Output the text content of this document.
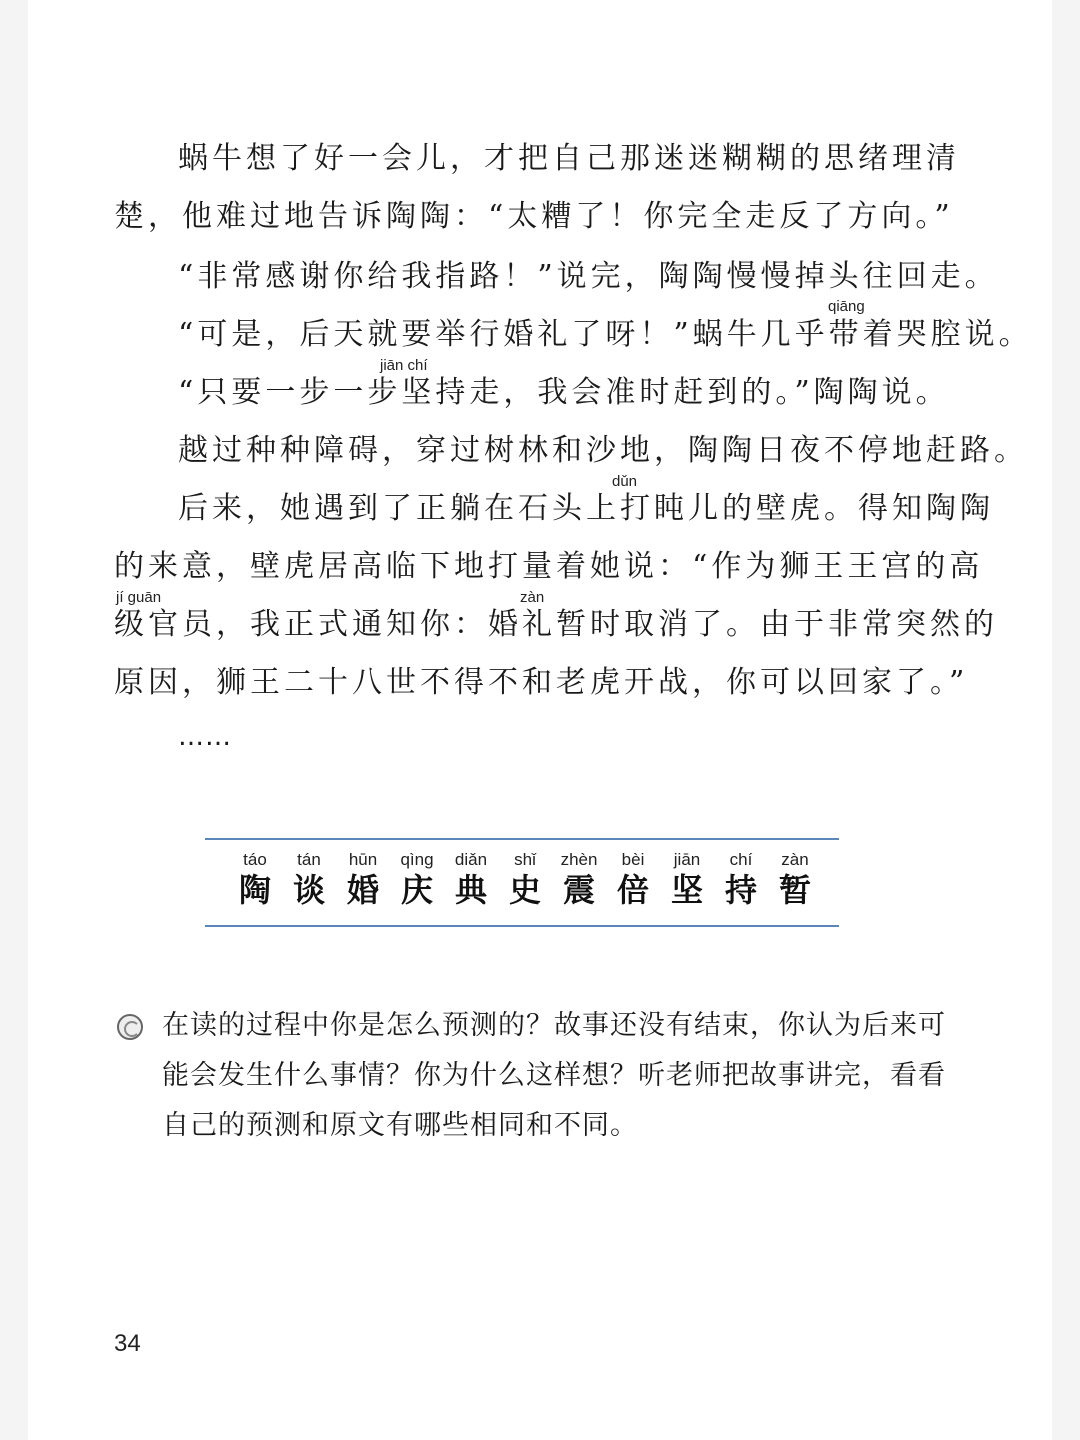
蜗牛想了好一会儿，才把自己那迷迷糊糊的思绪理清
楚，他难过地告诉陶陶：“太糟了！你完全走反了方向。”
“非常感谢你给我指路！”说完，陶陶慢慢掉头往回走。
qiāng
“可是，后天就要举行婚礼了呀！”蜗牛几乎带着哭腔说。
jiān chí
“只要一步一步坚持走，我会准时赶到的。”陶陶说。
越过种种障碍，穿过树林和沙地，陶陶日夜不停地赶路。
dǔn
后来，她遇到了正躺在石头上打盹儿的壁虎。得知陶陶
的来意，壁虎居高临下地打量着她说：“作为狮王王宫的高
jí guān	zàn
级官员，我正式通知你：婚礼暂时取消了。由于非常突然的
原因，狮王二十八世不得不和老虎开战，你可以回家了。”
……
táo
陶
tán
谈
hūn
婚
qìng
庆
diǎn
典
shǐ
史
zhèn
震
bèi
倍
jiān
坚
chí
持
zàn
暂
在读的过程中你是怎么预测的？故事还没有结束，你认为后来可
能会发生什么事情？你为什么这样想？听老师把故事讲完，看看
自己的预测和原文有哪些相同和不同。
34
